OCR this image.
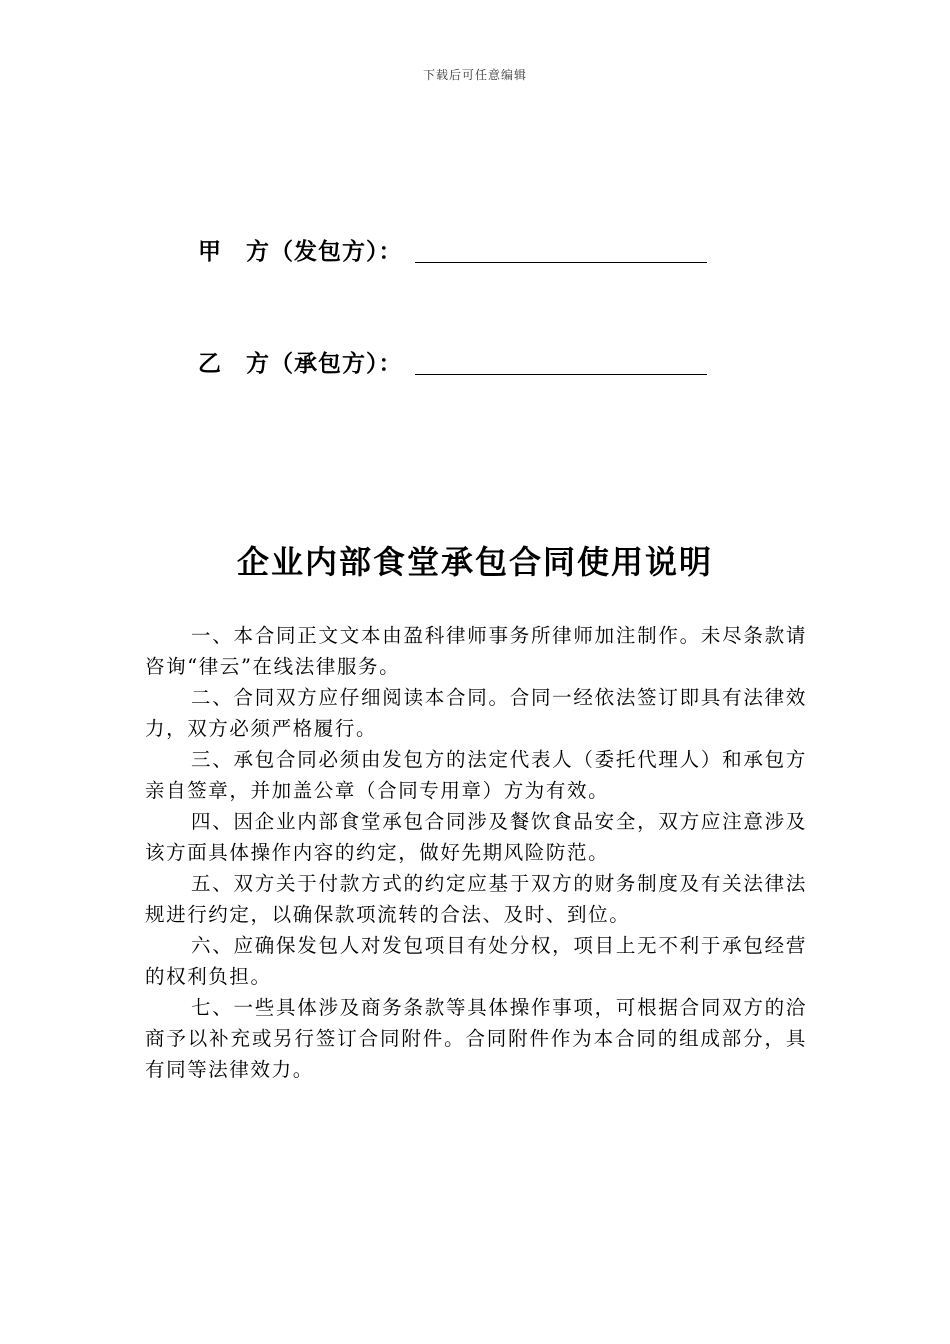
下载后可任意编辑
甲　方（发包方）：
乙　方（承包方）：
企业内部食堂承包合同使用说明
一、本合同正文文本由盈科律师事务所律师加注制作。未尽条款请咨询“律云”在线法律服务。
二、合同双方应仔细阅读本合同。合同一经依法签订即具有法律效力，双方必须严格履行。
三、承包合同必须由发包方的法定代表人（委托代理人）和承包方亲自签章，并加盖公章（合同专用章）方为有效。
四、因企业内部食堂承包合同涉及餐饮食品安全，双方应注意涉及该方面具体操作内容的约定，做好先期风险防范。
五、双方关于付款方式的约定应基于双方的财务制度及有关法律法规进行约定，以确保款项流转的合法、及时、到位。
六、应确保发包人对发包项目有处分权，项目上无不利于承包经营的权利负担。
七、一些具体涉及商务条款等具体操作事项，可根据合同双方的洽商予以补充或另行签订合同附件。合同附件作为本合同的组成部分，具有同等法律效力。
